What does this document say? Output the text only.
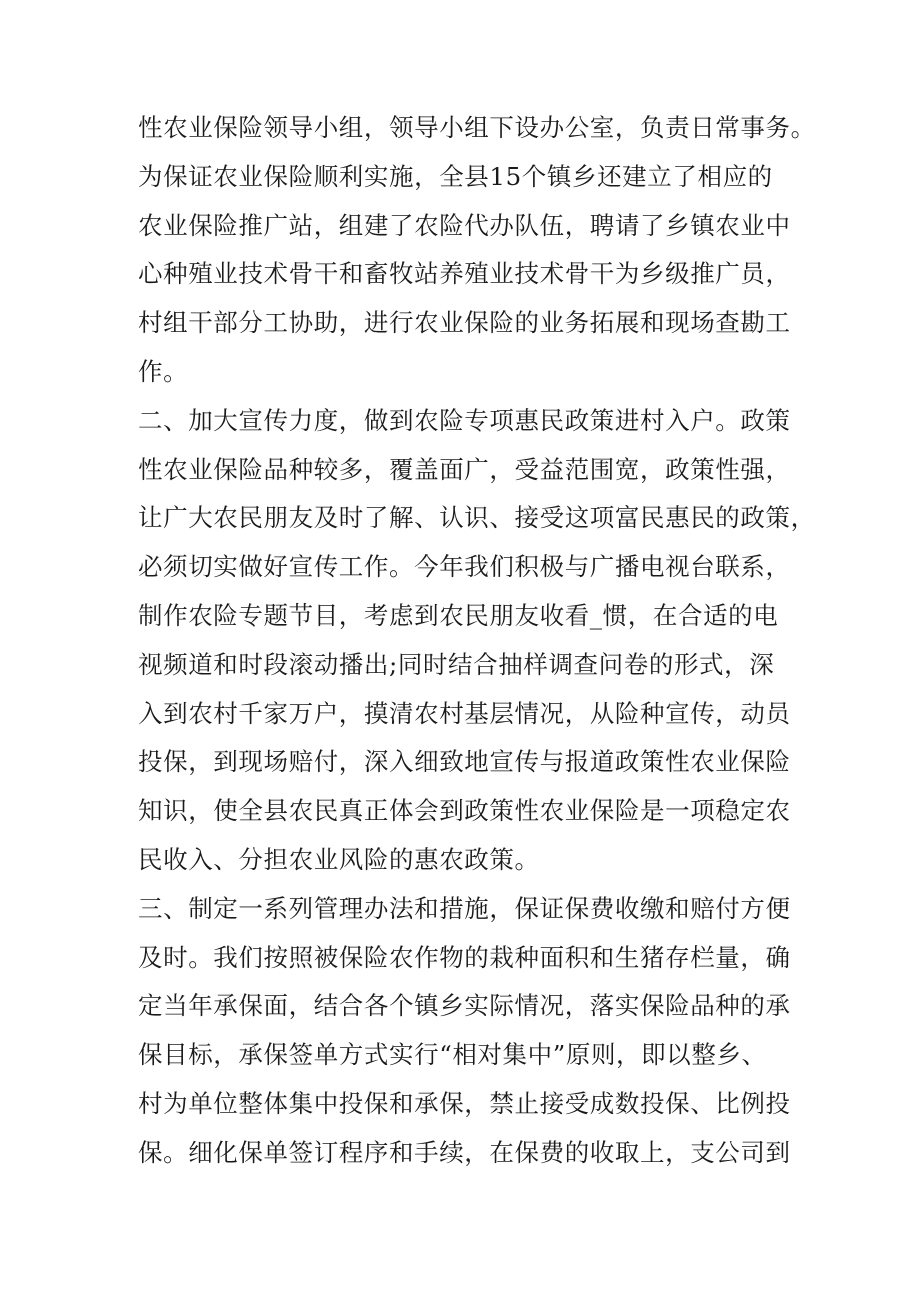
性农业保险领导小组，领导小组下设办公室，负责日常事务。
为保证农业保险顺利实施，全县15个镇乡还建立了相应的
农业保险推广站，组建了农险代办队伍，聘请了乡镇农业中
心种殖业技术骨干和畜牧站养殖业技术骨干为乡级推广员，
村组干部分工协助，进行农业保险的业务拓展和现场查勘工
作。
二、加大宣传力度，做到农险专项惠民政策进村入户。政策
性农业保险品种较多，覆盖面广，受益范围宽，政策性强，
让广大农民朋友及时了解、认识、接受这项富民惠民的政策，
必须切实做好宣传工作。今年我们积极与广播电视台联系，
制作农险专题节目，考虑到农民朋友收看_惯，在合适的电
视频道和时段滚动播出;同时结合抽样调查问卷的形式，深
入到农村千家万户，摸清农村基层情况，从险种宣传，动员
投保，到现场赔付，深入细致地宣传与报道政策性农业保险
知识，使全县农民真正体会到政策性农业保险是一项稳定农
民收入、分担农业风险的惠农政策。
三、制定一系列管理办法和措施，保证保费收缴和赔付方便
及时。我们按照被保险农作物的栽种面积和生猪存栏量，确
定当年承保面，结合各个镇乡实际情况，落实保险品种的承
保目标，承保签单方式实行“相对集中”原则，即以整乡、
村为单位整体集中投保和承保，禁止接受成数投保、比例投
保。细化保单签订程序和手续，在保费的收取上，支公司到
